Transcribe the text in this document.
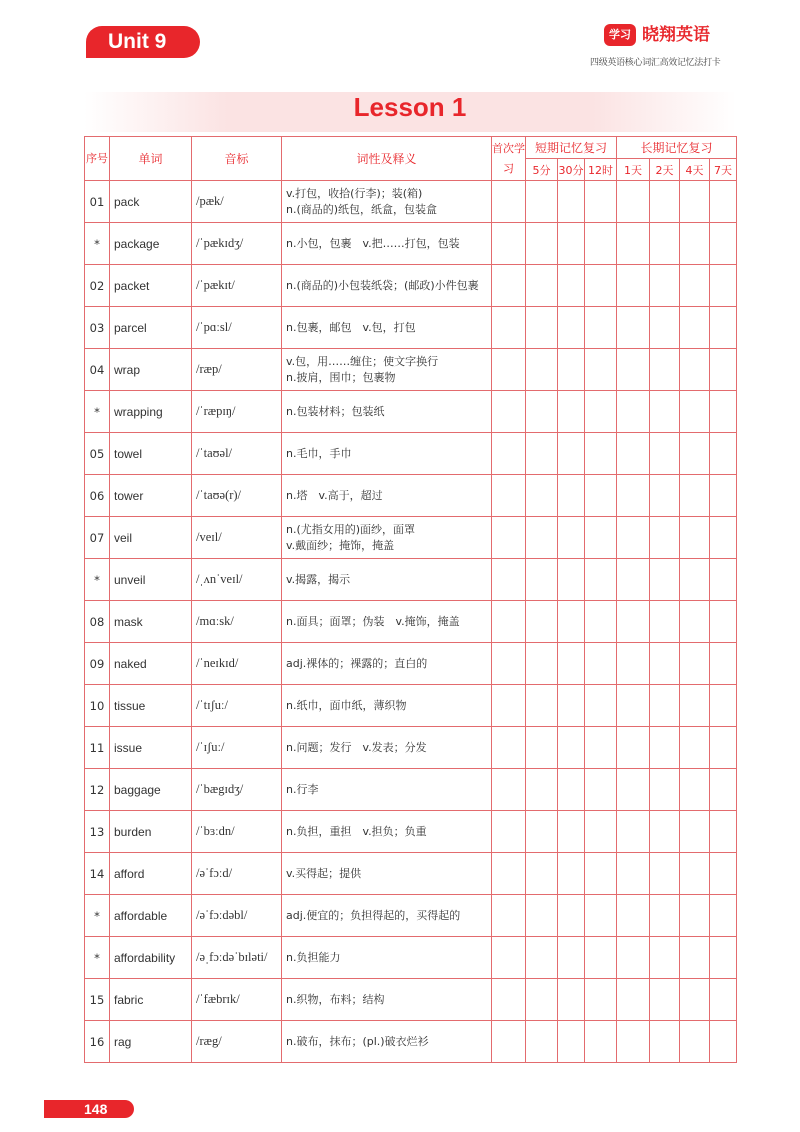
Unit 9	学习 晓翔英语
四级英语核心词汇高效记忆法打卡
Lesson 1
序号	单词	音标	词性及释义	首次学习	短期记忆复习			长期记忆复习			
					5分	30分	12时	1天	2天	4天	7天
01	pack	/pæk/	v.打包，收拾(行李)；装(箱)
n.(商品的)纸包，纸盒，包装盒								

*	package	/ˈpækɪdʒ/	n.小包，包裹　v.把……打包，包装								

02	packet	/ˈpækɪt/	n.(商品的)小包装纸袋；(邮政)小件包裹								

03	parcel	/ˈpɑːsl/	n.包裹，邮包　v.包，打包								

04	wrap	/ræp/	v.包，用……缠住；使文字换行
n.披肩，围巾；包裹物								

*	wrapping	/ˈræpɪŋ/	n.包装材料；包装纸								

05	towel	/ˈtaʊəl/	n.毛巾，手巾								

06	tower	/ˈtaʊə(r)/	n.塔　v.高于，超过								

07	veil	/veɪl/	n.(尤指女用的)面纱，面罩
v.戴面纱；掩饰，掩盖								

*	unveil	/ˌʌnˈveɪl/	v.揭露，揭示								

08	mask	/mɑːsk/	n.面具；面罩；伪装　v.掩饰，掩盖								

09	naked	/ˈneɪkɪd/	adj.裸体的；裸露的；直白的								

10	tissue	/ˈtɪʃuː/	n.纸巾，面巾纸，薄织物								

11	issue	/ˈɪʃuː/	n.问题；发行　v.发表；分发								

12	baggage	/ˈbægɪdʒ/	n.行李								

13	burden	/ˈbɜːdn/	n.负担，重担　v.担负；负重								

14	afford	/əˈfɔːd/	v.买得起；提供								

*	affordable	/əˈfɔːdəbl/	adj.便宜的；负担得起的，买得起的								

*	affordability	/əˌfɔːdəˈbɪləti/	n.负担能力								

15	fabric	/ˈfæbrɪk/	n.织物，布料；结构								

16	rag	/ræg/	n.破布，抹布；(pl.)破衣烂衫								

148
